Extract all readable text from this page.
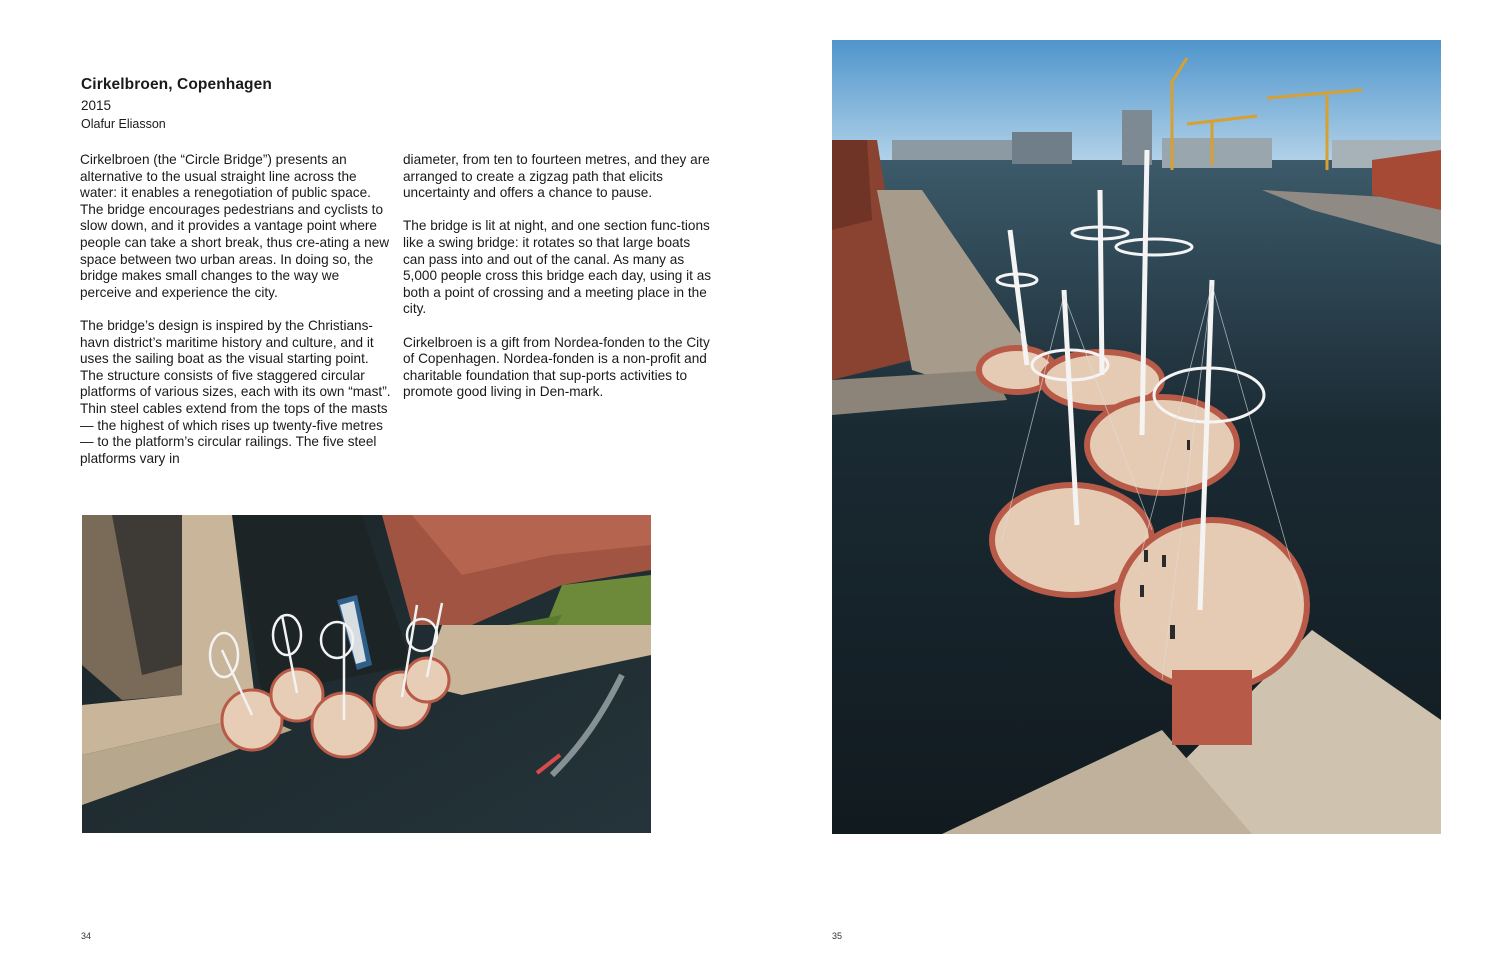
Cirkelbroen, Copenhagen

2015

Olafur Eliasson

Cirkelbroen (the “Circle Bridge”) presents an alternative to the usual straight line across the water: it enables a renegotiation of public space. The bridge encourages pedestrians and cyclists to slow down, and it provides a vantage point where people can take a short break, thus cre-ating a new space between two urban areas. In doing so, the bridge makes small changes to the way we perceive and experience the city.

The bridge’s design is inspired by the Christians-havn district’s maritime history and culture, and it uses the sailing boat as the visual starting point. The structure consists of five staggered circular platforms of various sizes, each with its own “mast”. Thin steel cables extend from the tops of the masts — the highest of which rises up twenty-five metres — to the platform’s circular railings. The five steel platforms vary in

diameter, from ten to fourteen metres, and they are arranged to create a zigzag path that elicits uncertainty and offers a chance to pause.

The bridge is lit at night, and one section func-tions like a swing bridge: it rotates so that large boats can pass into and out of the canal. As many as 5,000 people cross this bridge each day, using it as both a point of crossing and a meeting place in the city.

Cirkelbroen is a gift from Nordea-fonden to the City of Copenhagen. Nordea-fonden is a non-profit and charitable foundation that sup-ports activities to promote good living in Den-mark.

34	35
